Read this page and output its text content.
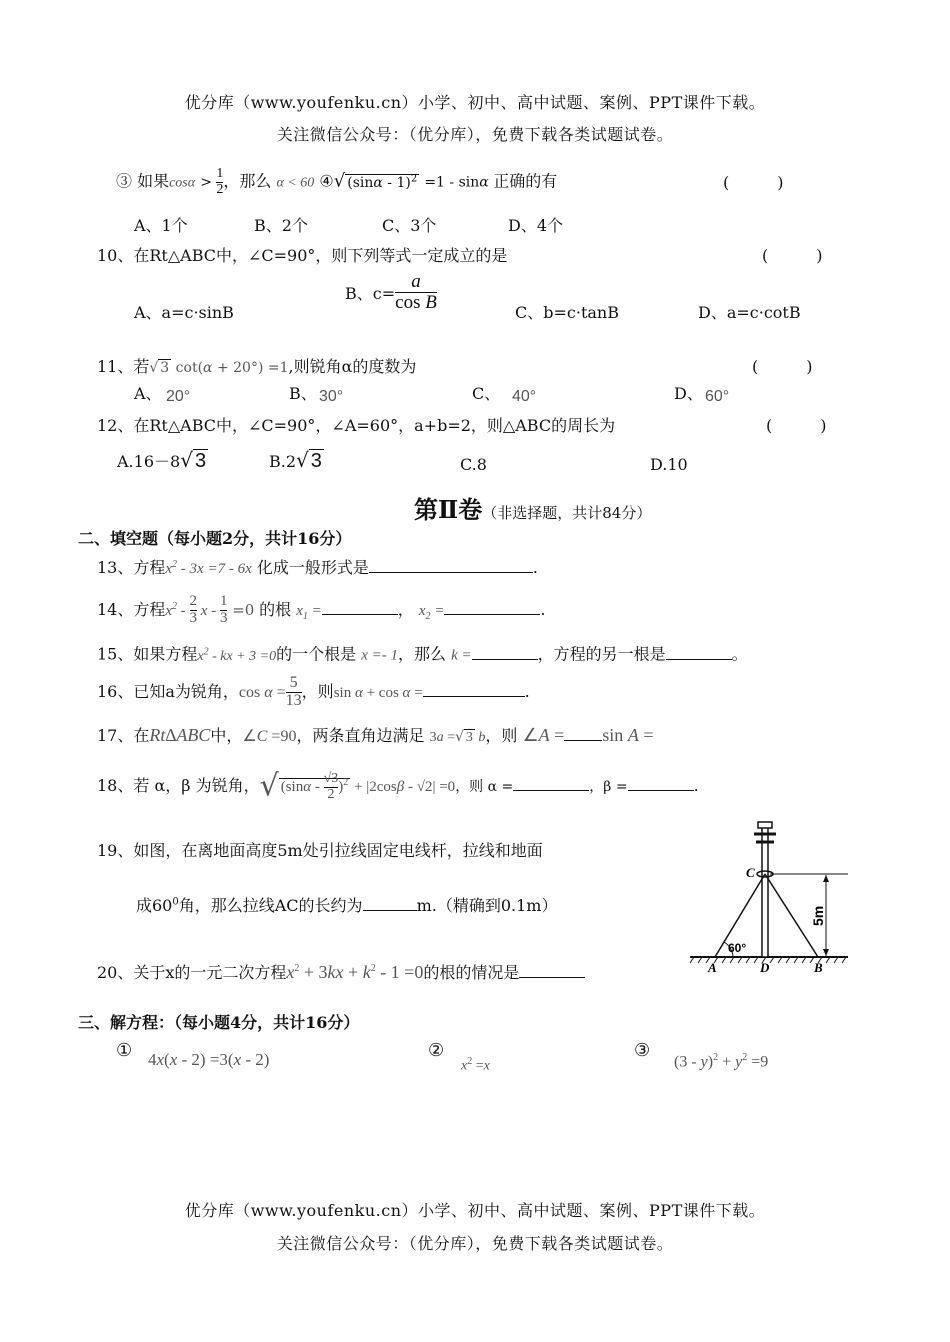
优分库（www.youfenku.cn）小学、初中、高中试题、案例、PPT课件下载。
关注微信公众号：（优分库），免费下载各类试题试卷。
③ 如果$\cos\alpha > \frac{1}{2}$ ，那么 α < 60 ④√ (sinα - 1)$^2$ =1 - sinα 正确的有	(　　　)
A、1个	B、2个	C、3个	D、4个
10、在Rt△ABC中，∠C=90°，则下列等式一定成立的是	(　　　)
A、a=c·sinB
B、$c= \frac{a}{\text{cos B}}$	C、b=c·tanB	D、a=c·cotB
11、若√ 3 cot(α + 20°) =1,则锐角α的度数为	(　　　)
A、 20°	B、 30°	C、 40°	D、 60°
12、在Rt△ABC中，∠C=90°，∠A=60°，a+b=2，则△ABC的周长为	(　　　)
A.16－8√ 3	B.2√ 3	C.8	D.10
第Ⅱ卷（非选择题，共计84分）
二、填空题（每小题2分，共计16分）
13、方程$x^2 - 3x =7 - 6x$ 化成一般形式是	.
14、方程$x^2 - \frac{2}{3}$ $x - \frac{1}{3} =0$ 的根 $x_1$ =	， $x_2$ =	.
15、如果方程$x^2$ - kx + 3 =0的一个根是 x =- 1，那么 k =	，方程的另一根是	。
16、已知a为锐角，$\cos \alpha = \frac{5}{13}$ ，则sin α + cos α =	.
17、在Rt∆ABC中，∠C =90，两条直角边满足 3a =√ 3 b，则 ∠A = sin A =
18、若 α，β 为锐角，√ $(\sin\alpha - \frac{√3}{2} )^2 + |2\cos\beta - √2| =0$，则 α =	，β =	.
19、如图，在离地面高度5m处引拉线固定电线杆，拉线和地面
成$60^0$角，那么拉线AC的长约为	m.（精确到0.1m）
C
A	D	B
60°
5m
20、关于x的一元二次方程$x^2 + 3kx + k^2 - 1 =0$的根的情况是
三、解方程：（每小题4分，共计16分）
① 4x(x - 2) =3(x - 2)	②
$x^2 =x$
③
$(3 - y)^2 + y^2 =9$
优分库（www.youfenku.cn）小学、初中、高中试题、案例、PPT课件下载。
关注微信公众号：（优分库），免费下载各类试题试卷。
